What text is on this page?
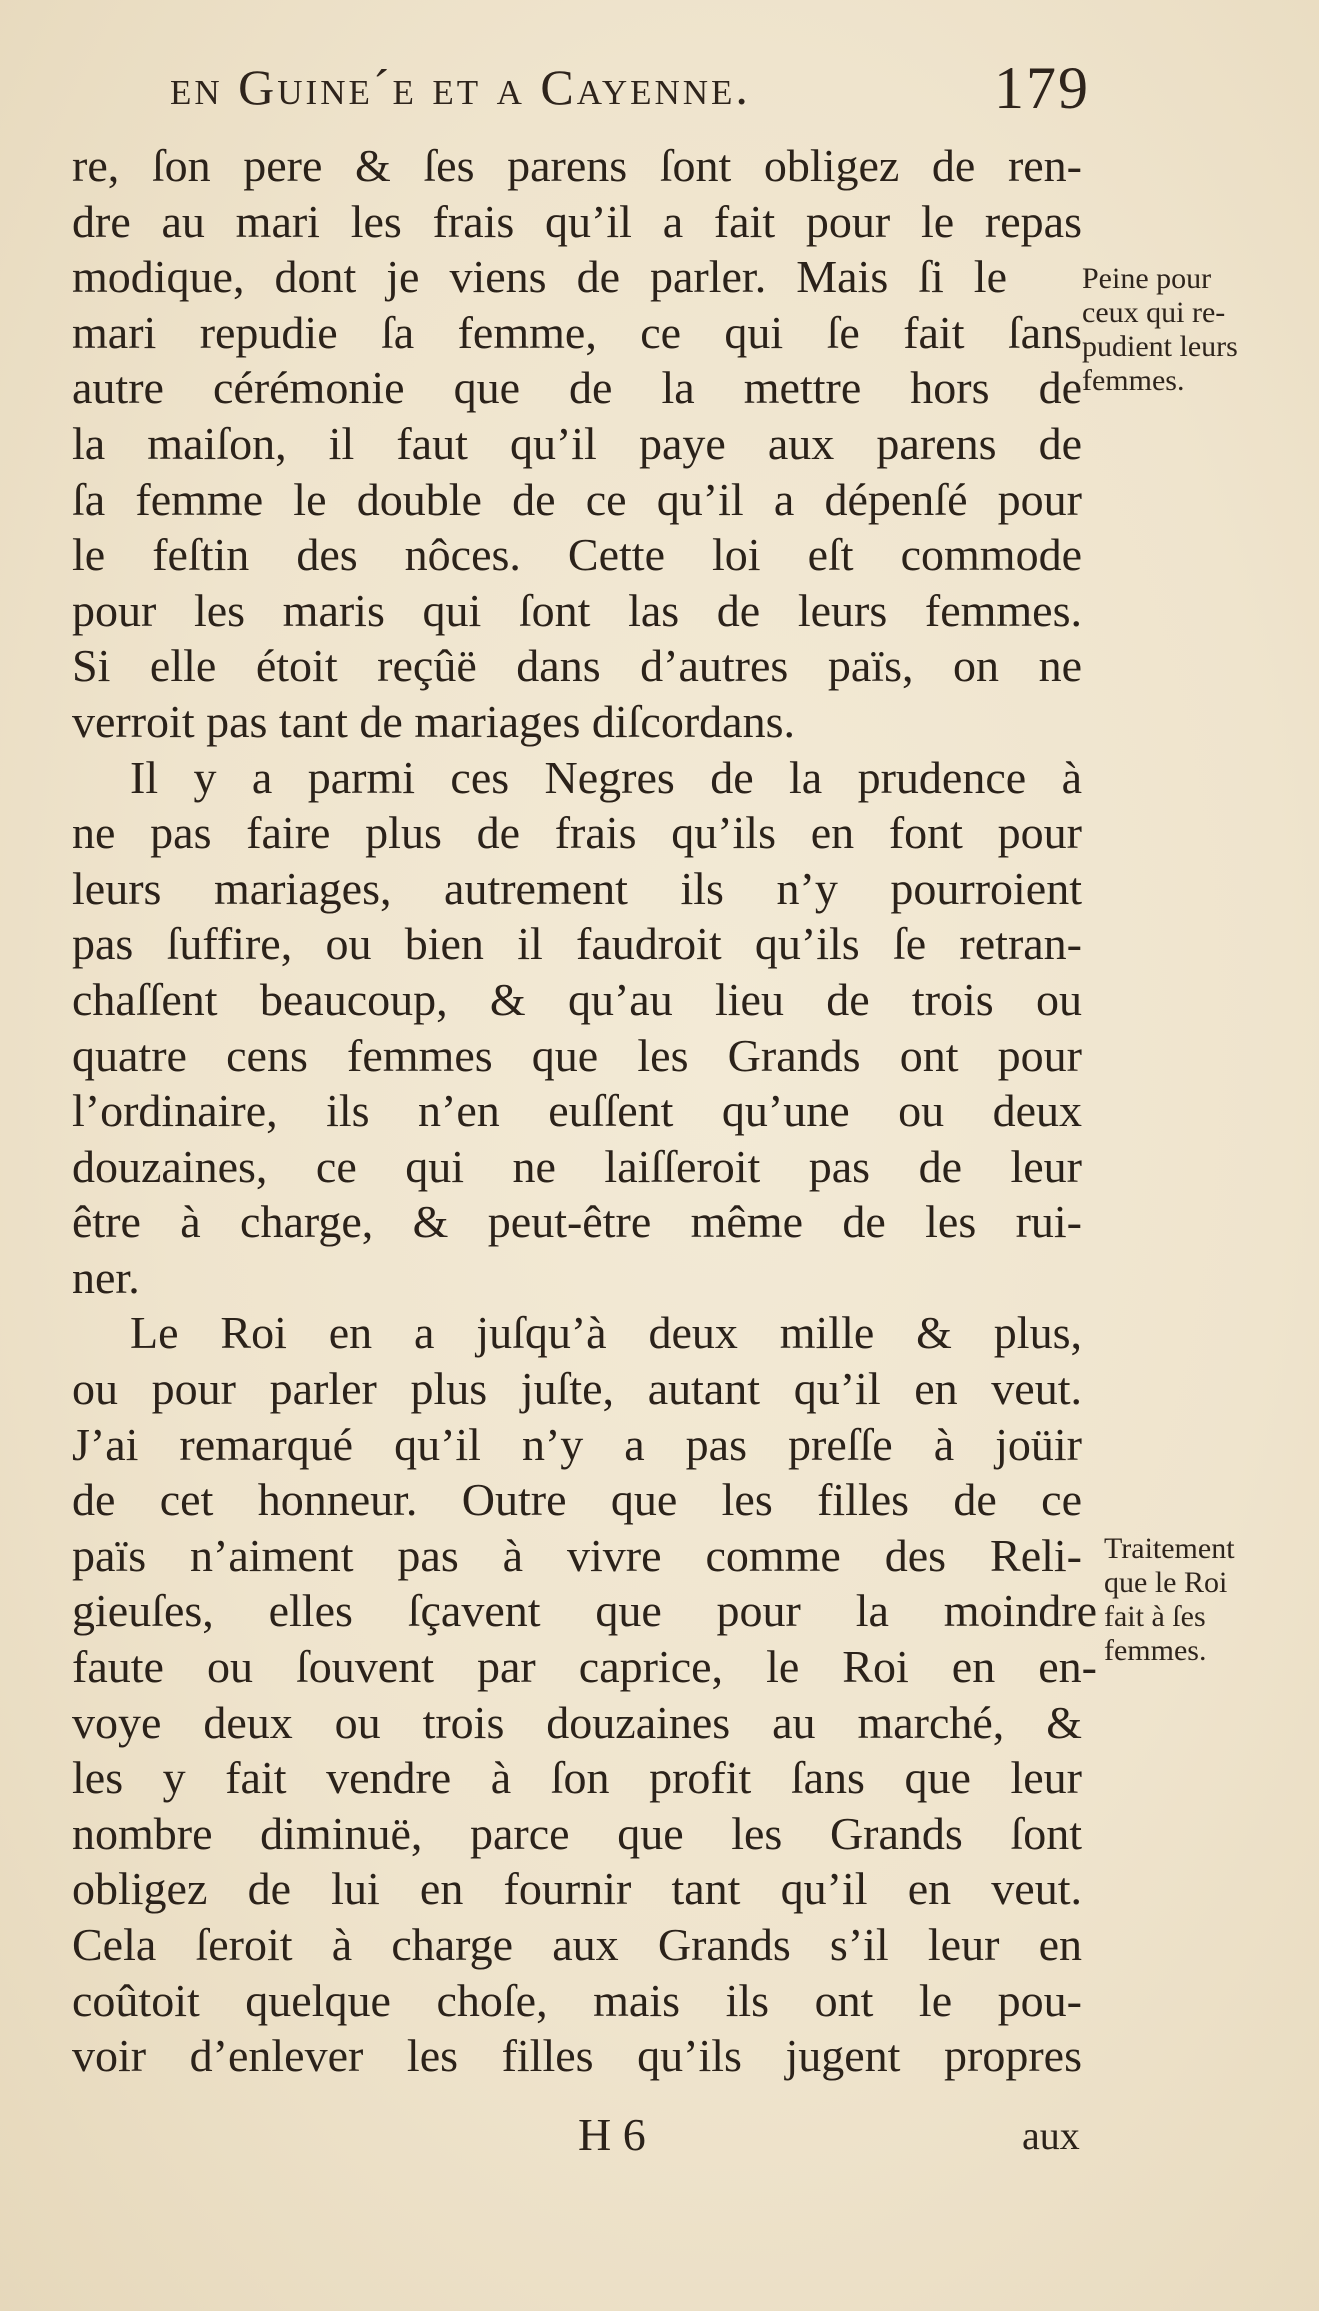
en Guine´e et a Cayenne.	179
re, ſon pere & ſes parens ſont obligez de ren-
dre au mari les frais qu’il a fait pour le repas
modique, dont je viens de parler. Mais ſi le
mari repudie ſa femme, ce qui ſe fait ſans
autre cérémonie que de la mettre hors de
la maiſon, il faut qu’il paye aux parens de
ſa femme le double de ce qu’il a dépenſé pour
le feſtin des nôces. Cette loi eſt commode
pour les maris qui ſont las de leurs femmes.
Si elle étoit reçûë dans d’autres païs, on ne
verroit pas tant de mariages diſcordans.
Il y a parmi ces Negres de la prudence à
ne pas faire plus de frais qu’ils en font pour
leurs mariages, autrement ils n’y pourroient
pas ſuffire, ou bien il faudroit qu’ils ſe retran-
chaſſent beaucoup, & qu’au lieu de trois ou
quatre cens femmes que les Grands ont pour
l’ordinaire, ils n’en euſſent qu’une ou deux
douzaines, ce qui ne laiſſeroit pas de leur
être à charge, & peut-être même de les rui-
ner.
Le Roi en a juſqu’à deux mille & plus,
ou pour parler plus juſte, autant qu’il en veut.
J’ai remarqué qu’il n’y a pas preſſe à joüir
de cet honneur. Outre que les filles de ce
païs n’aiment pas à vivre comme des Reli-
gieuſes, elles ſçavent que pour la moindre
faute ou ſouvent par caprice, le Roi en en-
voye deux ou trois douzaines au marché, &
les y fait vendre à ſon profit ſans que leur
nombre diminuë, parce que les Grands ſont
obligez de lui en fournir tant qu’il en veut.
Cela ſeroit à charge aux Grands s’il leur en
coûtoit quelque choſe, mais ils ont le pou-
voir d’enlever les filles qu’ils jugent propres
Peine pour
ceux qui re-
pudient leurs
femmes.
Traitement
que le Roi
fait à ſes
femmes.
H 6	aux
